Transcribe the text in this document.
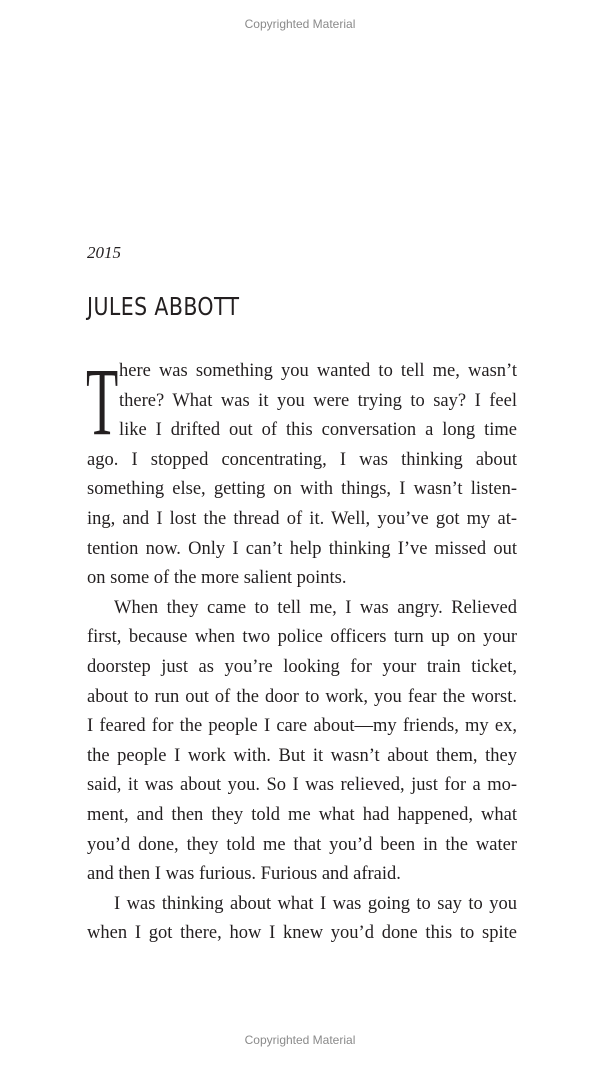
Copyrighted Material
2015
JULES ABBOTT
T here was something you wanted to tell me, wasn’t
there? What was it you were trying to say? I feel
like I drifted out of this conversation a long time
ago. I stopped concentrating, I was thinking about
something else, getting on with things, I wasn’t listen-
ing, and I lost the thread of it. Well, you’ve got my at-
tention now. Only I can’t help thinking I’ve missed out
on some of the more salient points.
When they came to tell me, I was angry. Relieved
first, because when two police officers turn up on your
doorstep just as you’re looking for your train ticket,
about to run out of the door to work, you fear the worst.
I feared for the people I care about—my friends, my ex,
the people I work with. But it wasn’t about them, they
said, it was about you. So I was relieved, just for a mo-
ment, and then they told me what had happened, what
you’d done, they told me that you’d been in the water
and then I was furious. Furious and afraid.
I was thinking about what I was going to say to you
when I got there, how I knew you’d done this to spite
Copyrighted Material
